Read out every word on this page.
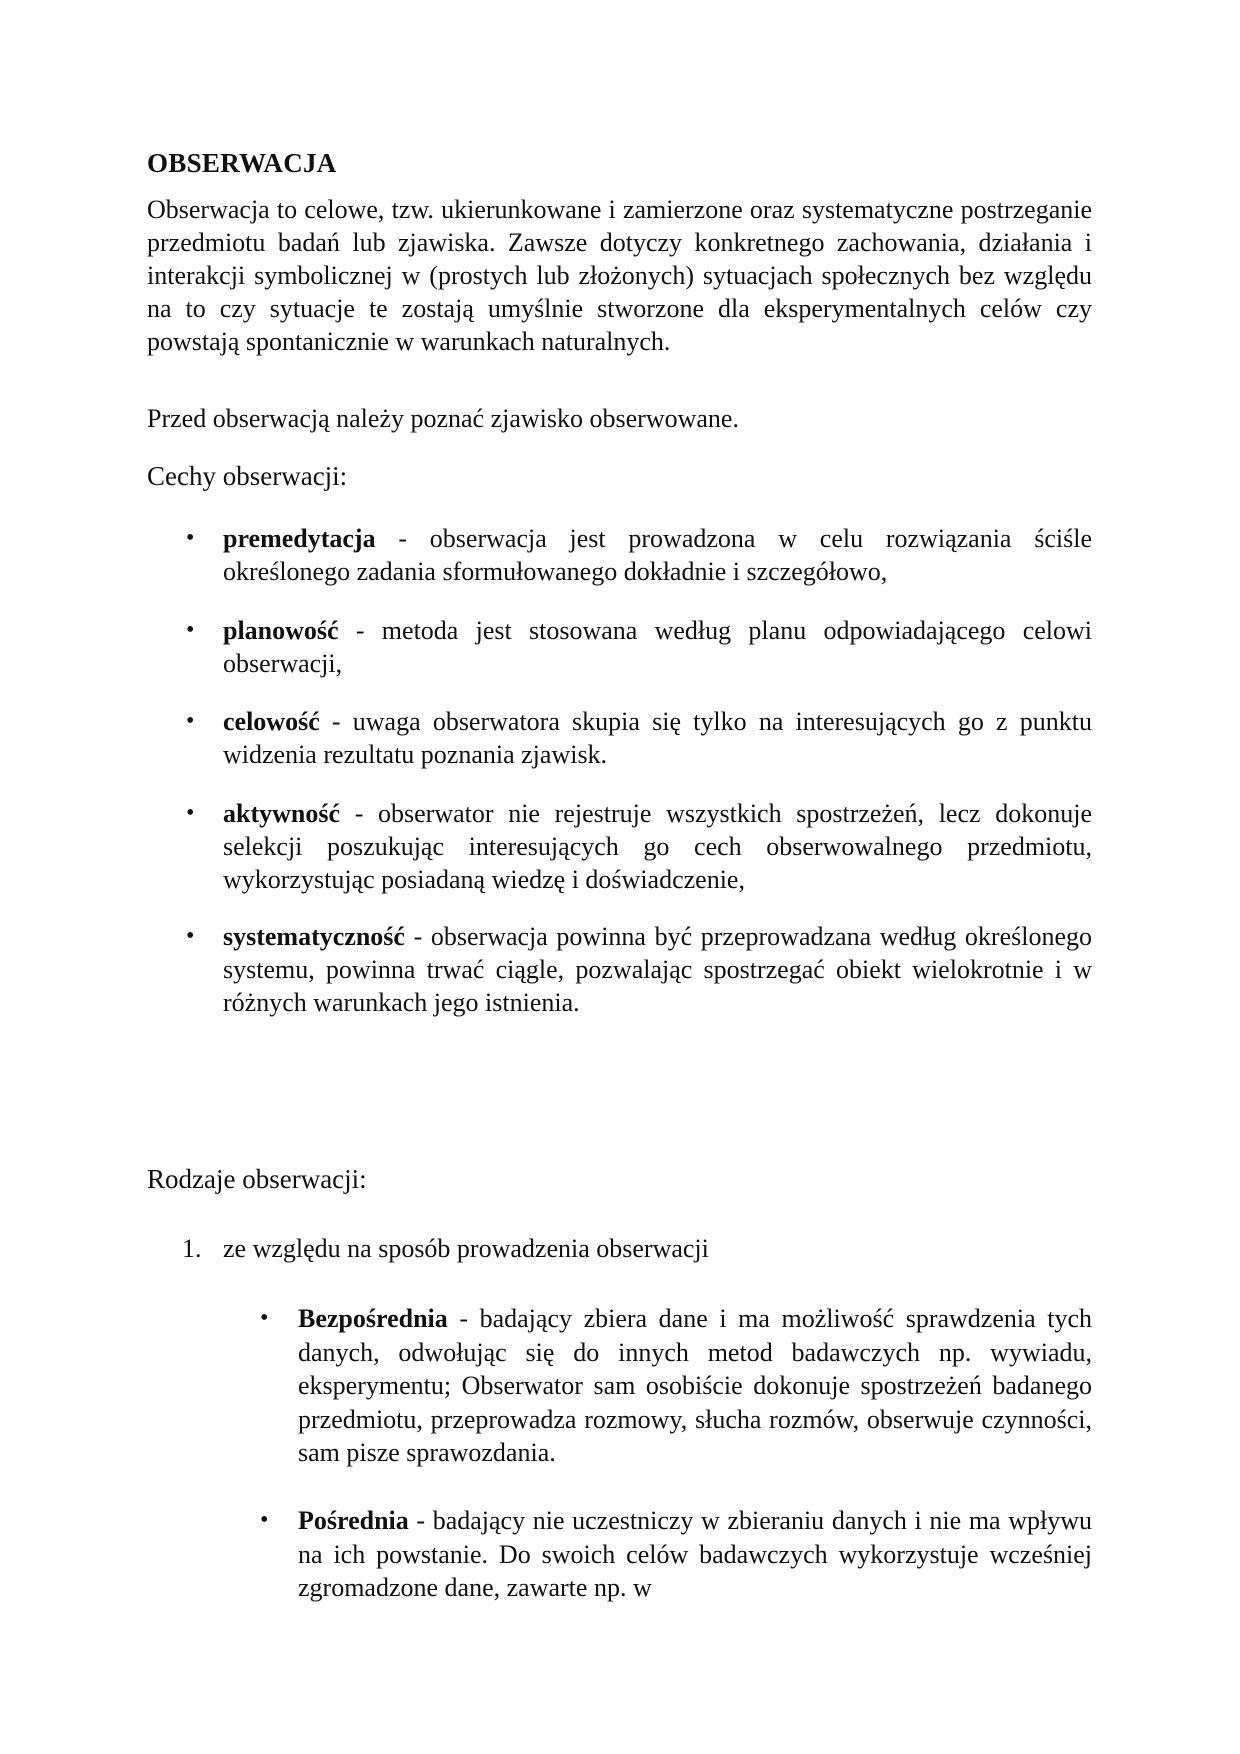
OBSERWACJA

Obserwacja to celowe, tzw. ukierunkowane i zamierzone oraz systematyczne postrzeganie przedmiotu badań lub zjawiska. Zawsze dotyczy konkretnego zachowania, działania i interakcji symbolicznej w (prostych lub złożonych) sytuacjach społecznych bez względu na to czy sytuacje te zostają umyślnie stworzone dla eksperymentalnych celów czy powstają spontanicznie w warunkach naturalnych.

Przed obserwacją należy poznać zjawisko obserwowane.

Cechy obserwacji:
• premedytacja - obserwacja jest prowadzona w celu rozwiązania ściśle określonego zadania sformułowanego dokładnie i szczegółowo,

• planowość - metoda jest stosowana według planu odpowiadającego celowi obserwacji,

• celowość - uwaga obserwatora skupia się tylko na interesujących go z punktu widzenia rezultatu poznania zjawisk.

• aktywność - obserwator nie rejestruje wszystkich spostrzeżeń, lecz dokonuje selekcji poszukując interesujących go cech obserwowalnego przedmiotu, wykorzystując posiadaną wiedzę i doświadczenie,

• systematyczność - obserwacja powinna być przeprowadzana według określonego systemu, powinna trwać ciągle, pozwalając spostrzegać obiekt wielokrotnie i w różnych warunkach jego istnienia.

Rodzaje obserwacji:
1. ze względu na sposób prowadzenia obserwacji
• Bezpośrednia - badający zbiera dane i ma możliwość sprawdzenia tych danych, odwołując się do innych metod badawczych np. wywiadu, eksperymentu; Obserwator sam osobiście dokonuje spostrzeżeń badanego przedmiotu, przeprowadza rozmowy, słucha rozmów, obserwuje czynności, sam pisze sprawozdania.

• Pośrednia - badający nie uczestniczy w zbieraniu danych i nie ma wpływu na ich powstanie. Do swoich celów badawczych wykorzystuje wcześniej zgromadzone dane, zawarte np. w
